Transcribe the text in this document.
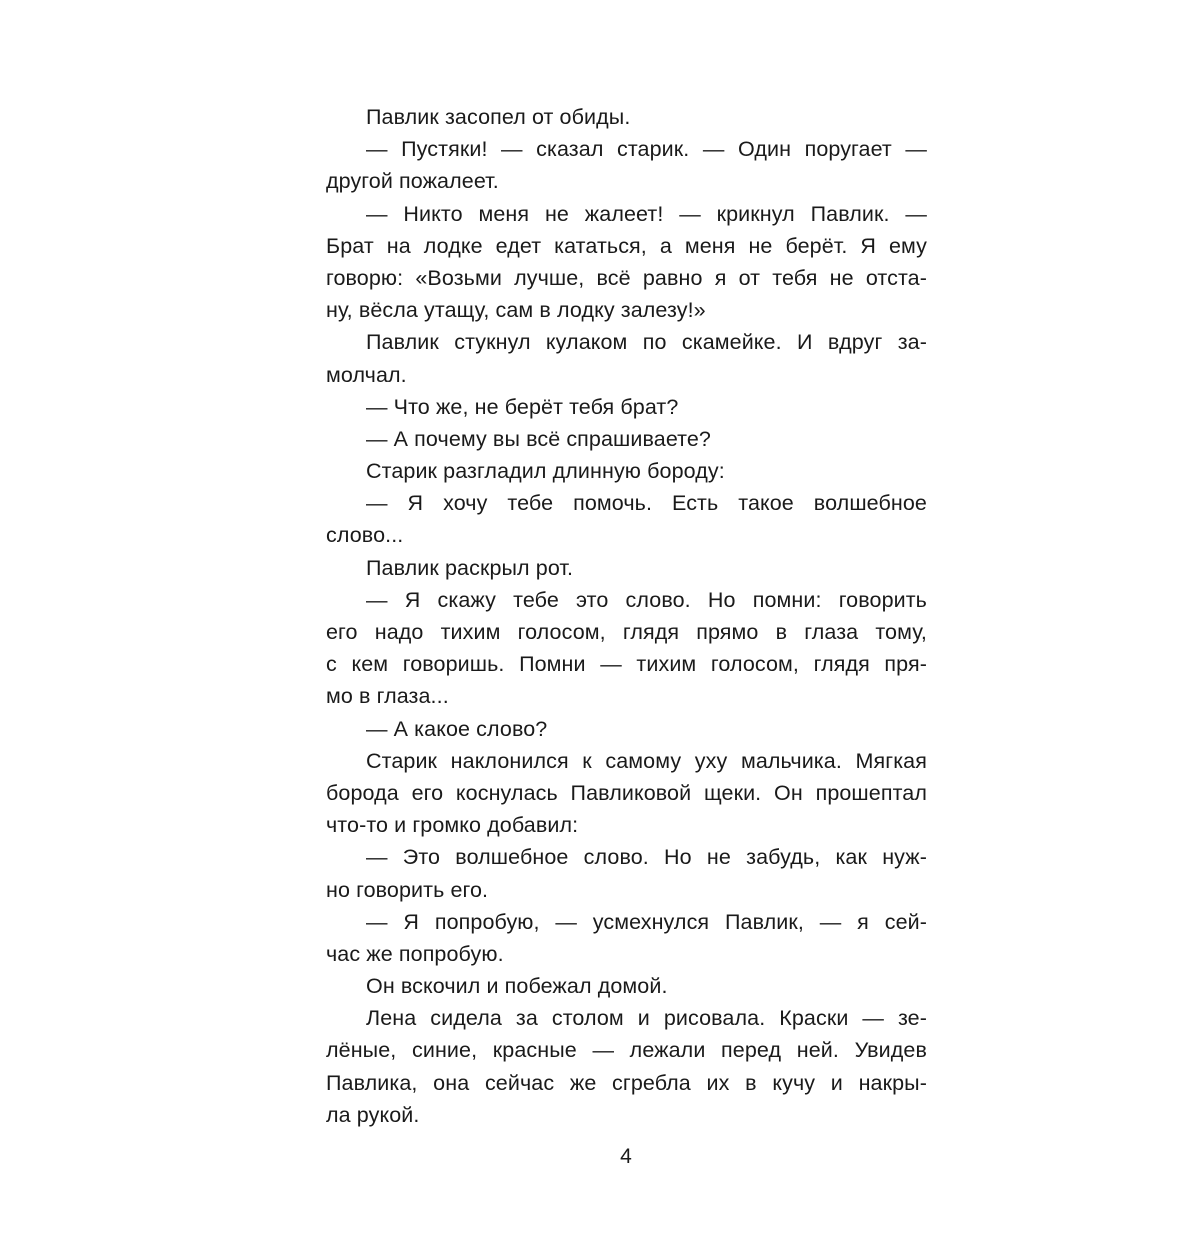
Павлик засопел от обиды.
— Пустяки! — сказал старик. — Один поругает —
другой пожалеет.
— Никто меня не жалеет! — крикнул Павлик. —
Брат на лодке едет кататься, а меня не берёт. Я ему
говорю: «Возьми лучше, всё равно я от тебя не отста-
ну, вёсла утащу, сам в лодку залезу!»
Павлик стукнул кулаком по скамейке. И вдруг за-
молчал.
— Что же, не берёт тебя брат?
— А почему вы всё спрашиваете?
Старик разгладил длинную бороду:
— Я хочу тебе помочь. Есть такое волшебное
слово...
Павлик раскрыл рот.
— Я скажу тебе это слово. Но помни: говорить
его надо тихим голосом, глядя прямо в глаза тому,
с кем говоришь. Помни — тихим голосом, глядя пря-
мо в глаза...
— А какое слово?
Старик наклонился к самому уху мальчика. Мягкая
борода его коснулась Павликовой щеки. Он прошептал
что-то и громко добавил:
— Это волшебное слово. Но не забудь, как нуж-
но говорить его.
— Я попробую, — усмехнулся Павлик, — я сей-
час же попробую.
Он вскочил и побежал домой.
Лена сидела за столом и рисовала. Краски — зе-
лёные, синие, красные — лежали перед ней. Увидев
Павлика, она сейчас же сгребла их в кучу и накры-
ла рукой.
4
